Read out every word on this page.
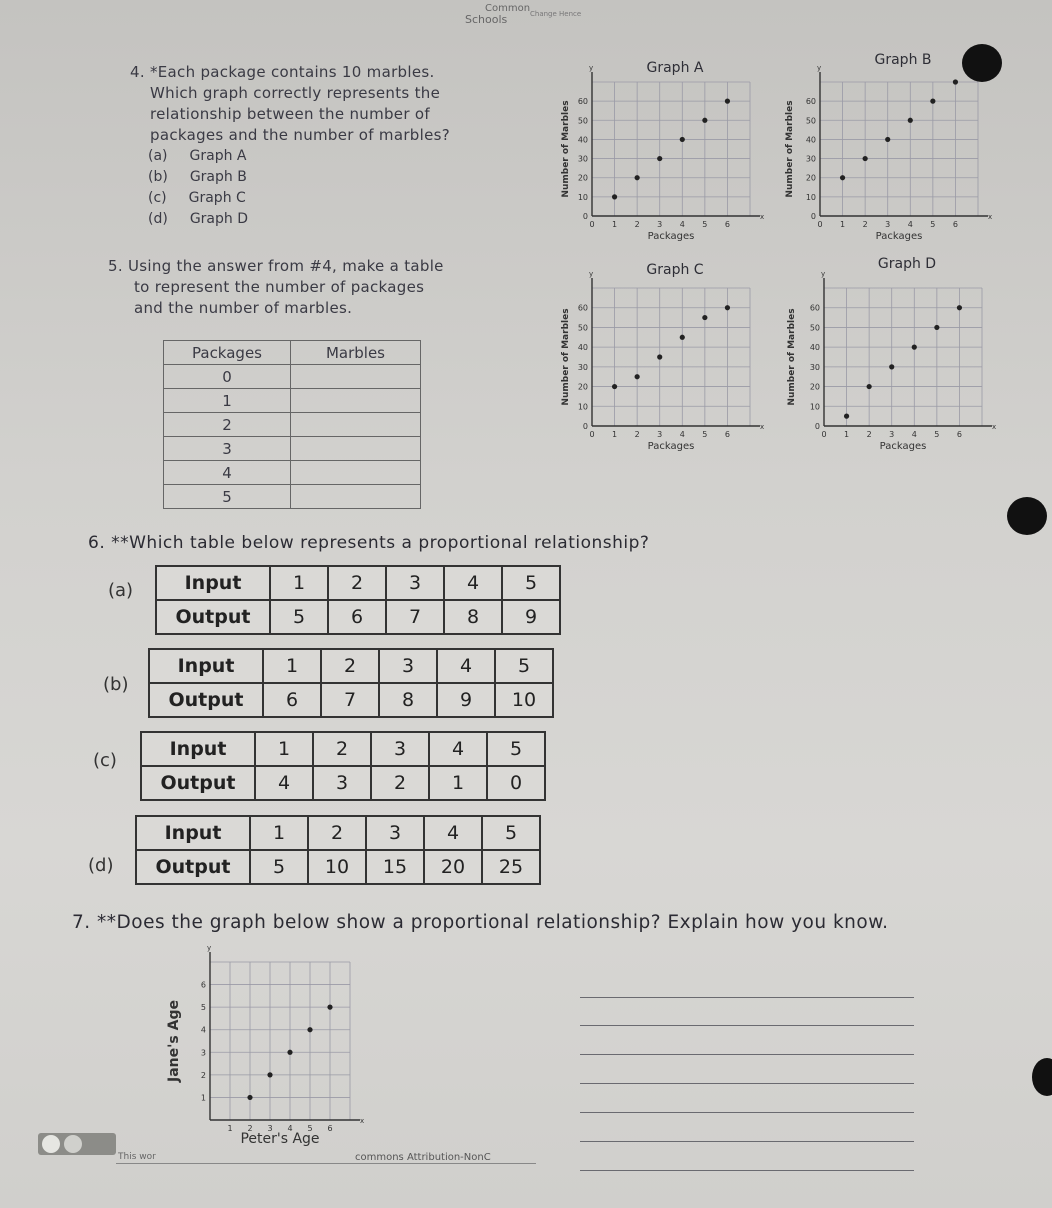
Common
Schools	Change Hence
4. *Each package contains 10 marbles.
Which graph correctly represents the
relationship between the number of
packages and the number of marbles?
(a) Graph A
(b) Graph B
(c) Graph C
(d) Graph D
y
x
Graph A
0 1 2 3 4 5 6
0
10
20
30
40
50
60
Packages
Number of Marbles
y
x
Graph B
0 1 2 3 4 5 6
0
10
20
30
40
50
60
Packages
Number of Marbles
y
x
Graph C
0 1 2 3 4 5 6
0
10
20
30
40
50
60
Packages
Number of Marbles
y
x
Graph D
0 1 2 3 4 5 6
0
10
20
30
40
50
60
Packages
Number of Marbles
5. Using the answer from #4, make a table
to represent the number of packages
and the number of marbles.
Packages	Marbles
0	
1	
2	
3	
4	
5	
6. **Which table below represents a proportional relationship?
(a)	Input	1	2	3	4	5
Output	5	6	7	8	9
(b)
Input	1	2	3	4	5
Output	6	7	8	9	10
(c)
Input	1	2	3	4	5
Output	4	3	2	1	0
(d)
Input	1	2	3	4	5
Output	5	10	15	20	25
7. **Does the graph below show a proportional relationship? Explain how you know.
y
x
1 2 3 4 5 6
1
2
3
4
5
6
Peter's Age
Jane's Age
This wor	commons Attribution-NonC
